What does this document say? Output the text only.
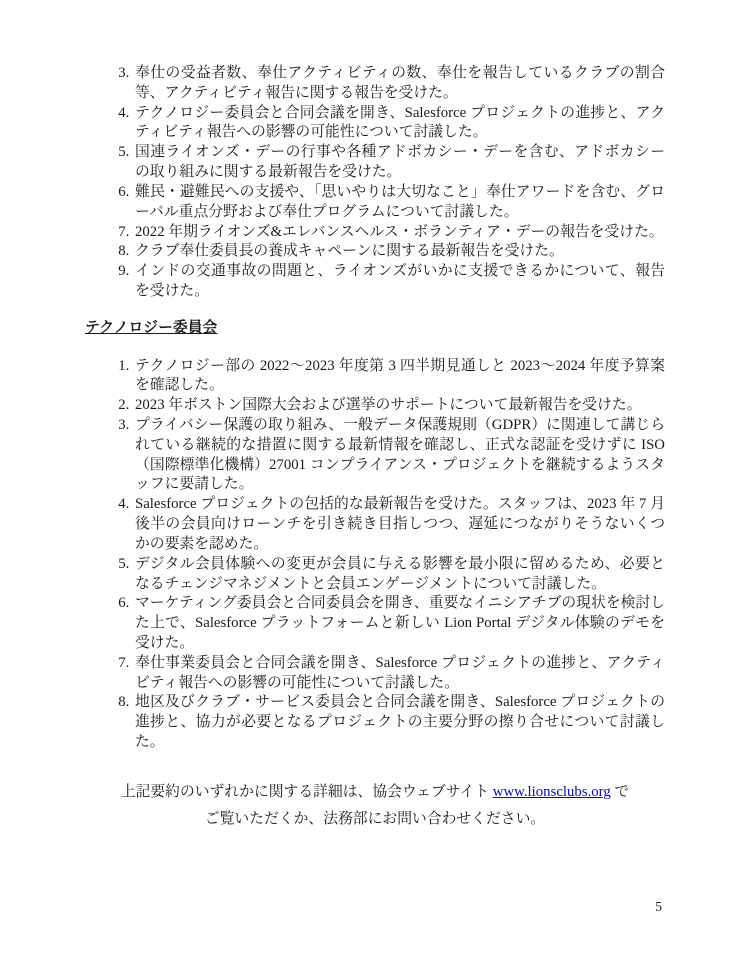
3. 奉仕の受益者数、奉仕アクティビティの数、奉仕を報告しているクラブの割合等、アクティビティ報告に関する報告を受けた。
4. テクノロジー委員会と合同会議を開き、Salesforce プロジェクトの進捗と、アクティビティ報告への影響の可能性について討議した。
5. 国連ライオンズ・デーの行事や各種アドボカシー・デーを含む、アドボカシーの取り組みに関する最新報告を受けた。
6. 難民・避難民への支援や、「思いやりは大切なこと」奉仕アワードを含む、グローバル重点分野および奉仕プログラムについて討議した。
7. 2022 年期ライオンズ&エレバンスヘルス・ボランティア・デーの報告を受けた。
8. クラブ奉仕委員長の養成キャペーンに関する最新報告を受けた。
9. インドの交通事故の問題と、ライオンズがいかに支援できるかについて、報告を受けた。
テクノロジー委員会
1. テクノロジー部の 2022～2023 年度第 3 四半期見通しと 2023～2024 年度予算案を確認した。
2. 2023 年ボストン国際大会および選挙のサポートについて最新報告を受けた。
3. プライバシー保護の取り組み、一般データ保護規則（GDPR）に関連して講じられている継続的な措置に関する最新情報を確認し、正式な認証を受けずに ISO（国際標準化機構）27001 コンプライアンス・プロジェクトを継続するようスタッフに要請した。
4. Salesforce プロジェクトの包括的な最新報告を受けた。スタッフは、2023 年 7 月後半の会員向けローンチを引き続き目指しつつ、遅延につながりそうないくつかの要素を認めた。
5. デジタル会員体験への変更が会員に与える影響を最小限に留めるため、必要となるチェンジマネジメントと会員エンゲージメントについて討議した。
6. マーケティング委員会と合同委員会を開き、重要なイニシアチブの現状を検討した上で、Salesforce プラットフォームと新しい Lion Portal デジタル体験のデモを受けた。
7. 奉仕事業委員会と合同会議を開き、Salesforce プロジェクトの進捗と、アクティビティ報告への影響の可能性について討議した。
8. 地区及びクラブ・サービス委員会と合同会議を開き、Salesforce プロジェクトの進捗と、協力が必要となるプロジェクトの主要分野の擦り合せについて討議した。

上記要約のいずれかに関する詳細は、協会ウェブサイト www.lionsclubs.org で
ご覧いただくか、法務部にお問い合わせください。

5
